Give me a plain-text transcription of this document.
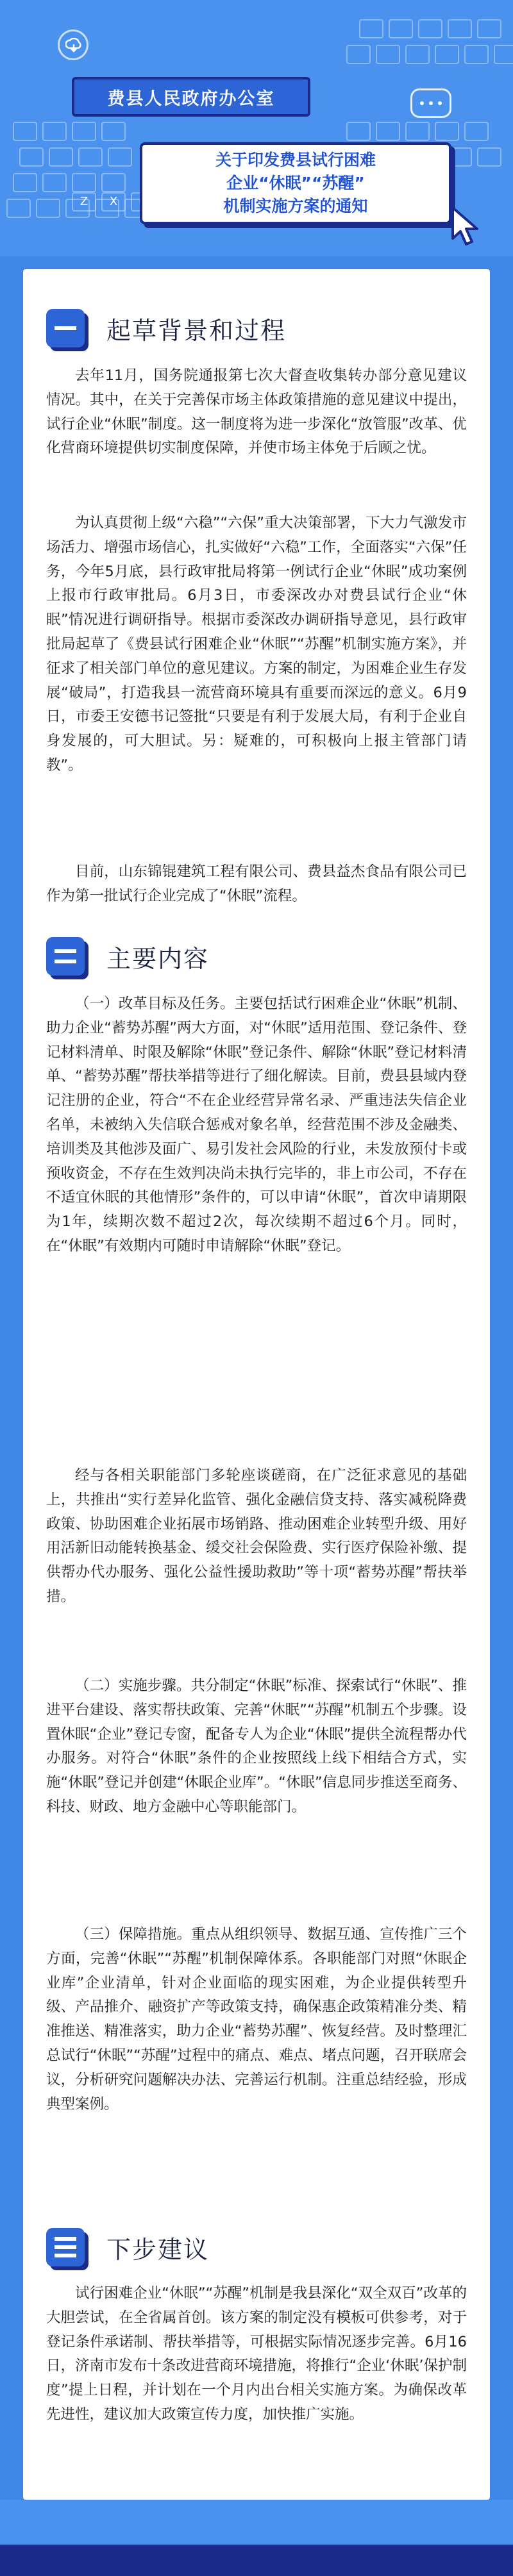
Z	X
费县人民政府办公室
关于印发费县试行困难
企业“休眠”“苏醒”
机制实施方案的通知
起草背景和过程

去年11月，国务院通报第七次大督查收集转办部分意见建议情况。其中，在关于完善保市场主体政策措施的意见建议中提出，试行企业“休眠”制度。这一制度将为进一步深化“放管服”改革、优化营商环境提供切实制度保障，并使市场主体免于后顾之忧。

为认真贯彻上级“六稳”“六保”重大决策部署，下大力气激发市场活力、增强市场信心，扎实做好“六稳”工作，全面落实“六保”任务，今年5月底，县行政审批局将第一例试行企业“休眠”成功案例上报市行政审批局。6月3日，市委深改办对费县试行企业“休眠”情况进行调研指导。根据市委深改办调研指导意见，县行政审批局起草了《费县试行困难企业“休眠”“苏醒”机制实施方案》，并征求了相关部门单位的意见建议。方案的制定，为困难企业生存发展“破局”，打造我县一流营商环境具有重要而深远的意义。6月9日，市委王安德书记签批“只要是有利于发展大局，有利于企业自身发展的，可大胆试。另：疑难的，可积极向上报主管部门请教”。

目前，山东锦锟建筑工程有限公司、费县益杰食品有限公司已作为第一批试行企业完成了“休眠”流程。

主要内容

（一）改革目标及任务。主要包括试行困难企业“休眠”机制、助力企业“蓄势苏醒”两大方面，对“休眠”适用范围、登记条件、登记材料清单、时限及解除“休眠”登记条件、解除“休眠”登记材料清单、“蓄势苏醒”帮扶举措等进行了细化解读。目前，费县县域内登记注册的企业，符合“不在企业经营异常名录、严重违法失信企业名单，未被纳入失信联合惩戒对象名单，经营范围不涉及金融类、培训类及其他涉及面广、易引发社会风险的行业，未发放预付卡或预收资金，不存在生效判决尚未执行完毕的，非上市公司，不存在不适宜休眠的其他情形”条件的，可以申请“休眠”，首次申请期限为1年，续期次数不超过2次，每次续期不超过6个月。同时，在“休眠”有效期内可随时申请解除“休眠”登记。

经与各相关职能部门多轮座谈磋商，在广泛征求意见的基础上，共推出“实行差异化监管、强化金融信贷支持、落实减税降费政策、协助困难企业拓展市场销路、推动困难企业转型升级、用好用活新旧动能转换基金、缓交社会保险费、实行医疗保险补缴、提供帮办代办服务、强化公益性援助救助”等十项“蓄势苏醒”帮扶举措。

（二）实施步骤。共分制定“休眠”标准、探索试行“休眠”、推进平台建设、落实帮扶政策、完善“休眠”“苏醒”机制五个步骤。设置休眠“企业”登记专窗，配备专人为企业“休眠”提供全流程帮办代办服务。对符合“休眠”条件的企业按照线上线下相结合方式，实施“休眠”登记并创建“休眠企业库”。“休眠”信息同步推送至商务、科技、财政、地方金融中心等职能部门。

（三）保障措施。重点从组织领导、数据互通、宣传推广三个方面，完善“休眠”“苏醒”机制保障体系。各职能部门对照“休眠企业库”企业清单，针对企业面临的现实困难，为企业提供转型升级、产品推介、融资扩产等政策支持，确保惠企政策精准分类、精准推送、精准落实，助力企业“蓄势苏醒”、恢复经营。及时整理汇总试行“休眠”“苏醒”过程中的痛点、难点、堵点问题，召开联席会议，分析研究问题解决办法、完善运行机制。注重总结经验，形成典型案例。

下步建议

试行困难企业“休眠”“苏醒”机制是我县深化“双全双百”改革的大胆尝试，在全省属首创。该方案的制定没有模板可供参考，对于登记条件承诺制、帮扶举措等，可根据实际情况逐步完善。6月16日，济南市发布十条改进营商环境措施，将推行“企业‘休眠’保护制度”提上日程，并计划在一个月内出台相关实施方案。为确保改革先进性，建议加大政策宣传力度，加快推广实施。
